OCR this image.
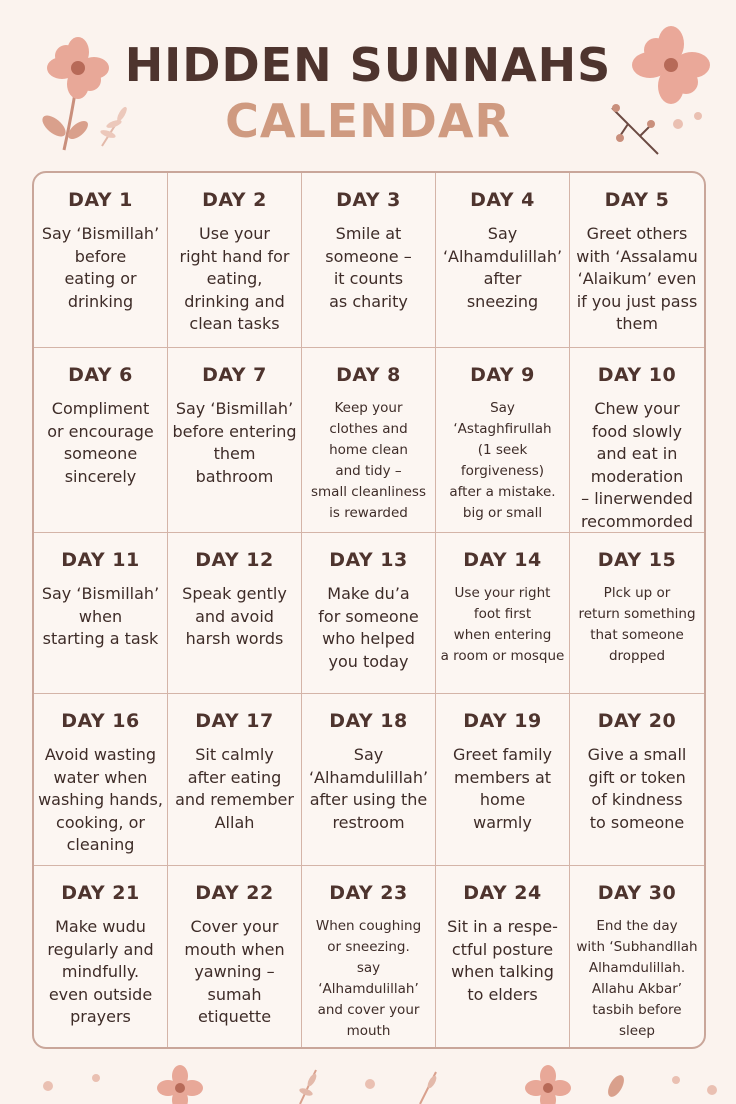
HIDDEN SUNNAHS
CALENDAR
DAY 1
Say ‘Bismillah’
before
eating or
drinking
DAY 2
Use your
right hand for
eating,
drinking and
clean tasks
DAY 3
Smile at
someone –
it counts
as charity
DAY 4
Say
‘Alhamdulillah’
after
sneezing
DAY 5
Greet others
with ‘Assalamu
‘Alaikum’ even
if you just pass
them
DAY 6
Compliment
or encourage
someone
sincerely
DAY 7
Say ‘Bismillah’
before entering
them
bathroom
DAY 8
Keep your
clothes and
home clean
and tidy –
small cleanliness
is rewarded
DAY 9
Say
‘Astaghfirullah
(1 seek forgiveness)
after a mistake.
big or small
DAY 10
Chew your
food slowly
and eat in
moderation
– linerwended
recommorded
DAY 11
Say ‘Bismillah’
when
starting a task
DAY 12
Speak gently
and avoid
harsh words
DAY 13
Make du’a
for someone
who helped
you today
DAY 14
Use your right
foot first
when entering
a room or mosque
DAY 15
Plck up or
return something
that someone
dropped
DAY 16
Avoid wasting
water when
washing hands,
cooking, or
cleaning
DAY 17
Sit calmly
after eating
and remember
Allah
DAY 18
Say
‘Alhamdulillah’
after using the
restroom
DAY 19
Greet family
members at
home
warmly
DAY 20
Give a small
gift or token
of kindness
to someone
DAY 21
Make wudu
regularly and
mindfully.
even outside
prayers
DAY 22
Cover your
mouth when
yawning –
sumah
etiquette
DAY 23
When coughing
or sneezing.
say ‘Alhamdulillah’
and cover your
mouth
DAY 24
Sit in a respe-
ctful posture
when talking
to elders
DAY 30
End the day
with ‘Subhandllah
Alhamdulillah.
Allahu Akbar’
tasbih before sleep
